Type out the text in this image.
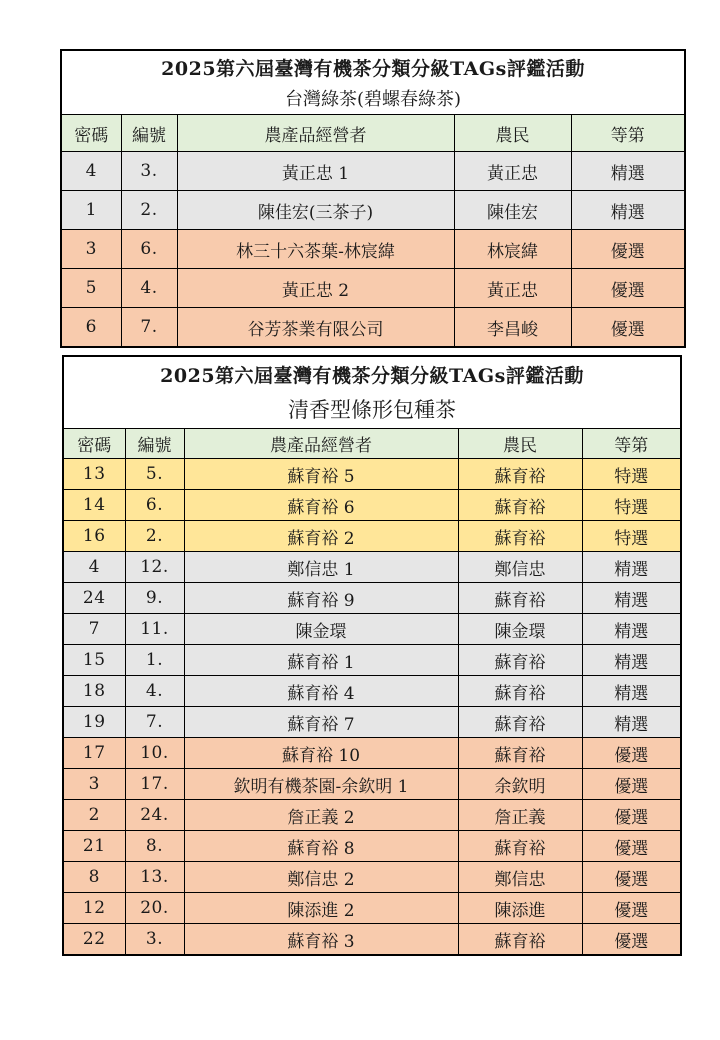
2025第六屆臺灣有機茶分類分級TAGs評鑑活動
台灣綠茶(碧螺春綠茶)
密碼	編號	農產品經營者	農民	等第
4	3.	黃正忠 1	黃正忠	精選
1	2.	陳佳宏(三茶子)	陳佳宏	精選
3	6.	林三十六茶葉-林宸緯	林宸緯	優選
5	4.	黃正忠 2	黃正忠	優選
6	7.	谷芳茶業有限公司	李昌峻	優選
2025第六屆臺灣有機茶分類分級TAGs評鑑活動
清香型條形包種茶
密碼	編號	農產品經營者	農民	等第
13	5.	蘇育裕 5	蘇育裕	特選
14	6.	蘇育裕 6	蘇育裕	特選
16	2.	蘇育裕 2	蘇育裕	特選
4	12.	鄭信忠 1	鄭信忠	精選
24	9.	蘇育裕 9	蘇育裕	精選
7	11.	陳金環	陳金環	精選
15	1.	蘇育裕 1	蘇育裕	精選
18	4.	蘇育裕 4	蘇育裕	精選
19	7.	蘇育裕 7	蘇育裕	精選
17	10.	蘇育裕 10	蘇育裕	優選
3	17.	欽明有機茶園-余欽明 1	余欽明	優選
2	24.	詹正義 2	詹正義	優選
21	8.	蘇育裕 8	蘇育裕	優選
8	13.	鄭信忠 2	鄭信忠	優選
12	20.	陳添進 2	陳添進	優選
22	3.	蘇育裕 3	蘇育裕	優選
